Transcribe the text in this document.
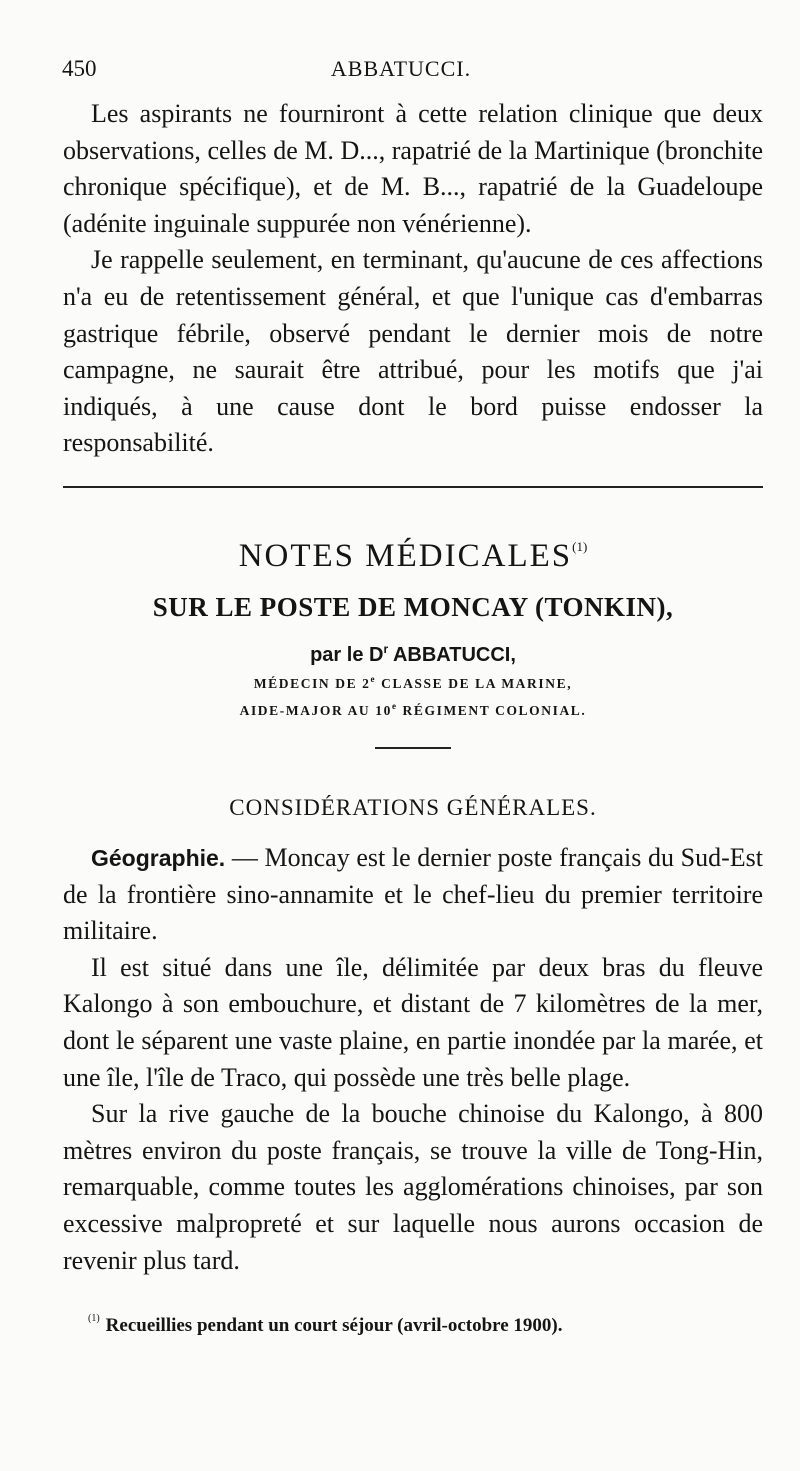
450	ABBATUCCI.

Les aspirants ne fourniront à cette relation clinique que deux observations, celles de M. D..., rapatrié de la Martinique (bronchite chronique spécifique), et de M. B..., rapatrié de la Guadeloupe (adénite inguinale suppurée non vénérienne).

Je rappelle seulement, en terminant, qu'aucune de ces affections n'a eu de retentissement général, et que l'unique cas d'embarras gastrique fébrile, observé pendant le dernier mois de notre campagne, ne saurait être attribué, pour les motifs que j'ai indiqués, à une cause dont le bord puisse endosser la responsabilité.

NOTES MÉDICALES$^{(1)}$
SUR LE POSTE DE MONCAY (TONKIN),
par le $D^r$ ABBATUCCI,
MÉDECIN DE 2e CLASSE DE LA MARINE,
AIDE-MAJOR AU 10e RÉGIMENT COLONIAL.
CONSIDÉRATIONS GÉNÉRALES.

Géographie. — Moncay est le dernier poste français du Sud-Est de la frontière sino-annamite et le chef-lieu du premier territoire militaire.

Il est situé dans une île, délimitée par deux bras du fleuve Kalongo à son embouchure, et distant de 7 kilomètres de la mer, dont le séparent une vaste plaine, en partie inondée par la marée, et une île, l'île de Traco, qui possède une très belle plage.

Sur la rive gauche de la bouche chinoise du Kalongo, à 800 mètres environ du poste français, se trouve la ville de Tong-Hin, remarquable, comme toutes les agglomérations chinoises, par son excessive malpropreté et sur laquelle nous aurons occasion de revenir plus tard.

$^{(1)}$ Recueillies pendant un court séjour (avril-octobre 1900).
